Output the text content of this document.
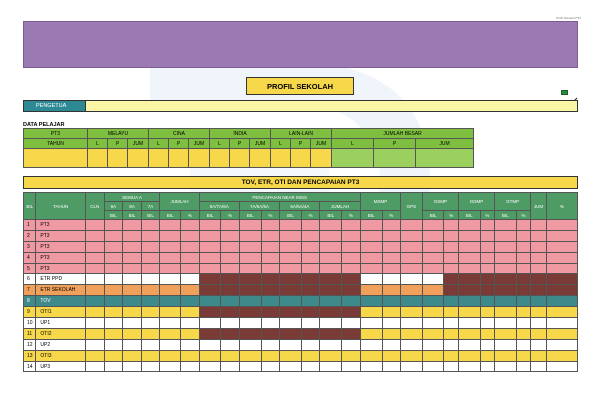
Profil Sekolah PT3
PROFIL SEKOLAH
PENGETUA
DATA PELAJAR
PT3	MELAYU			CINA			INDIA			LAIN-LAIN			JUMLAH BESAR		
TAHUN	L	P	JUM	L	P	JUM	L	P	JUM	L	P	JUM	L	P	JUM

TOV, ETR, OTI DAN PENCAPAIAN PT3
BIL	TAHUN	CLN	SEMUA A			JUMLAH		PENCAPAIAN NEAR MISS								MSMP		GPS	GSMP		GDMP		GTMP		JUM	%
			9A	8A	7A			8A/7A/6A		7A/6A/5A		6A/5A/4A		JUMLAH												
			BIL	BIL	BIL	BIL	%	BIL	%	BIL	%	BIL	%	BIL	%	BIL	%		BIL	%	BIL	%	BIL	%		
1	PT3																									
2	PT3																									
3	PT3																									
4	PT3																									
5	PT3																									
6	ETR PPD																									
7	ETR SEKOLAH																									
8	TOV																									
9	OTI1																									
10	UP1																									
11	OTI2																									
12	UP2																									
13	OTI3																									
14	UP3																									
